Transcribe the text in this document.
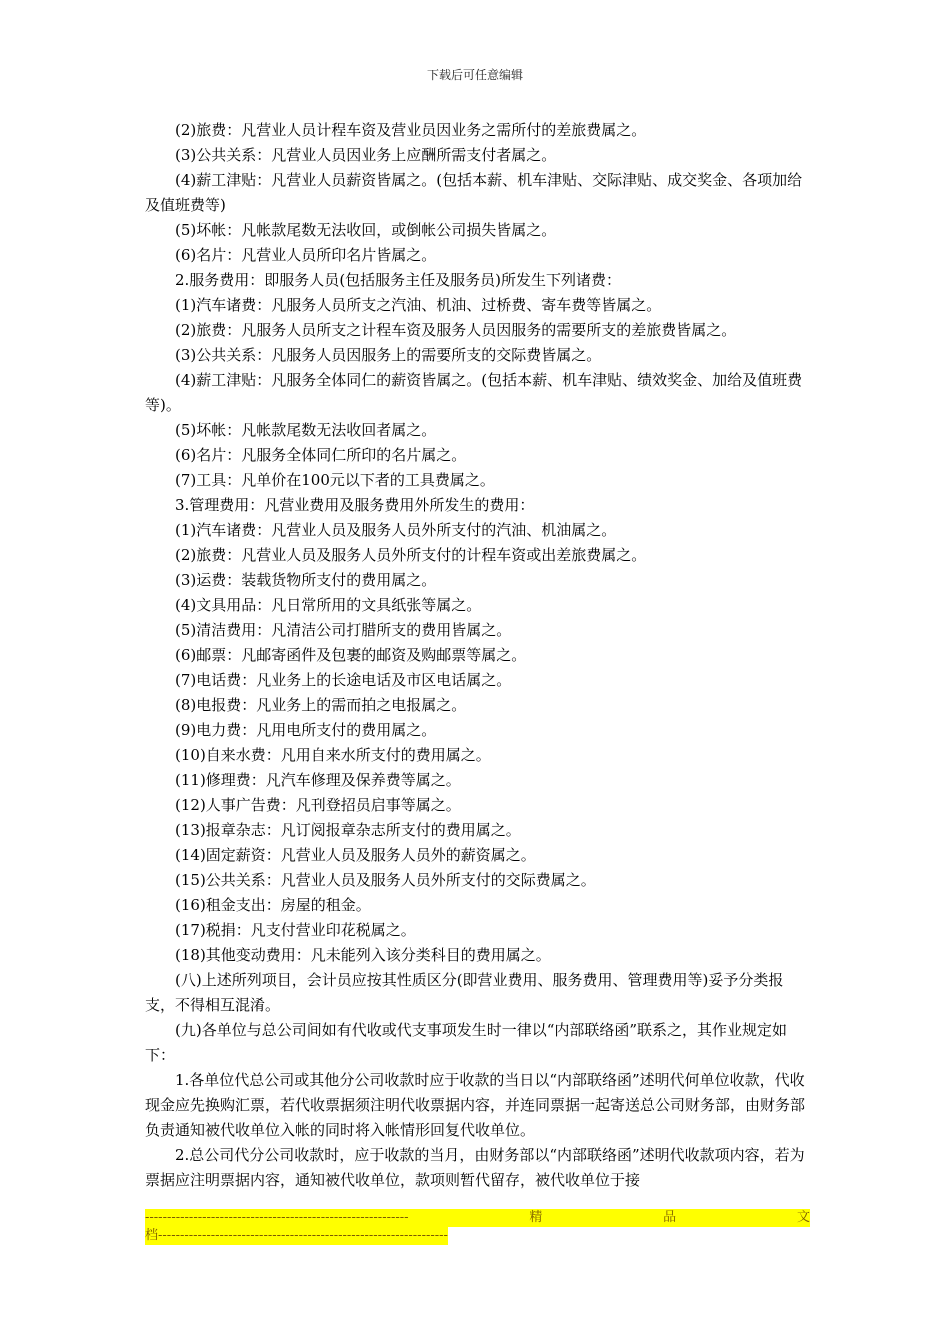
下载后可任意编辑

(2)旅费：凡营业人员计程车资及营业员因业务之需所付的差旅费属之。

(3)公共关系：凡营业人员因业务上应酬所需支付者属之。

(4)薪工津贴：凡营业人员薪资皆属之。(包括本薪、机车津贴、交际津贴、成交奖金、各项加给及值班费等)

(5)坏帐：凡帐款尾数无法收回，或倒帐公司损失皆属之。

(6)名片：凡营业人员所印名片皆属之。

2.服务费用：即服务人员(包括服务主任及服务员)所发生下列诸费：

(1)汽车诸费：凡服务人员所支之汽油、机油、过桥费、寄车费等皆属之。

(2)旅费：凡服务人员所支之计程车资及服务人员因服务的需要所支的差旅费皆属之。

(3)公共关系：凡服务人员因服务上的需要所支的交际费皆属之。

(4)薪工津贴：凡服务全体同仁的薪资皆属之。(包括本薪、机车津贴、绩效奖金、加给及值班费等)。

(5)坏帐：凡帐款尾数无法收回者属之。

(6)名片：凡服务全体同仁所印的名片属之。

(7)工具：凡单价在100元以下者的工具费属之。

3.管理费用：凡营业费用及服务费用外所发生的费用：

(1)汽车诸费：凡营业人员及服务人员外所支付的汽油、机油属之。

(2)旅费：凡营业人员及服务人员外所支付的计程车资或出差旅费属之。

(3)运费：装载货物所支付的费用属之。

(4)文具用品：凡日常所用的文具纸张等属之。

(5)清洁费用：凡清洁公司打腊所支的费用皆属之。

(6)邮票：凡邮寄函件及包裹的邮资及购邮票等属之。

(7)电话费：凡业务上的长途电话及市区电话属之。

(8)电报费：凡业务上的需而拍之电报属之。

(9)电力费：凡用电所支付的费用属之。

(10)自来水费：凡用自来水所支付的费用属之。

(11)修理费：凡汽车修理及保养费等属之。

(12)人事广告费：凡刊登招员启事等属之。

(13)报章杂志：凡订阅报章杂志所支付的费用属之。

(14)固定薪资：凡营业人员及服务人员外的薪资属之。

(15)公共关系：凡营业人员及服务人员外所支付的交际费属之。

(16)租金支出：房屋的租金。

(17)税捐：凡支付营业印花税属之。

(18)其他变动费用：凡未能列入该分类科目的费用属之。

(八)上述所列项目，会计员应按其性质区分(即营业费用、服务费用、管理费用等)妥予分类报支，不得相互混淆。

(九)各单位与总公司间如有代收或代支事项发生时一律以“内部联络函”联系之，其作业规定如下：

1.各单位代总公司或其他分公司收款时应于收款的当日以“内部联络函”述明代何单位收款，代收现金应先换购汇票，若代收票据须注明代收票据内容，并连同票据一起寄送总公司财务部，由财务部负责通知被代收单位入帐的同时将入帐情形回复代收单位。

2.总公司代分公司收款时，应于收款的当月，由财务部以“内部联络函”述明代收款项内容，若为票据应注明票据内容，通知被代收单位，款项则暂代留存，被代收单位于接

------------------------------------------------------------	精	品	文
档------------------------------------------------------------------
